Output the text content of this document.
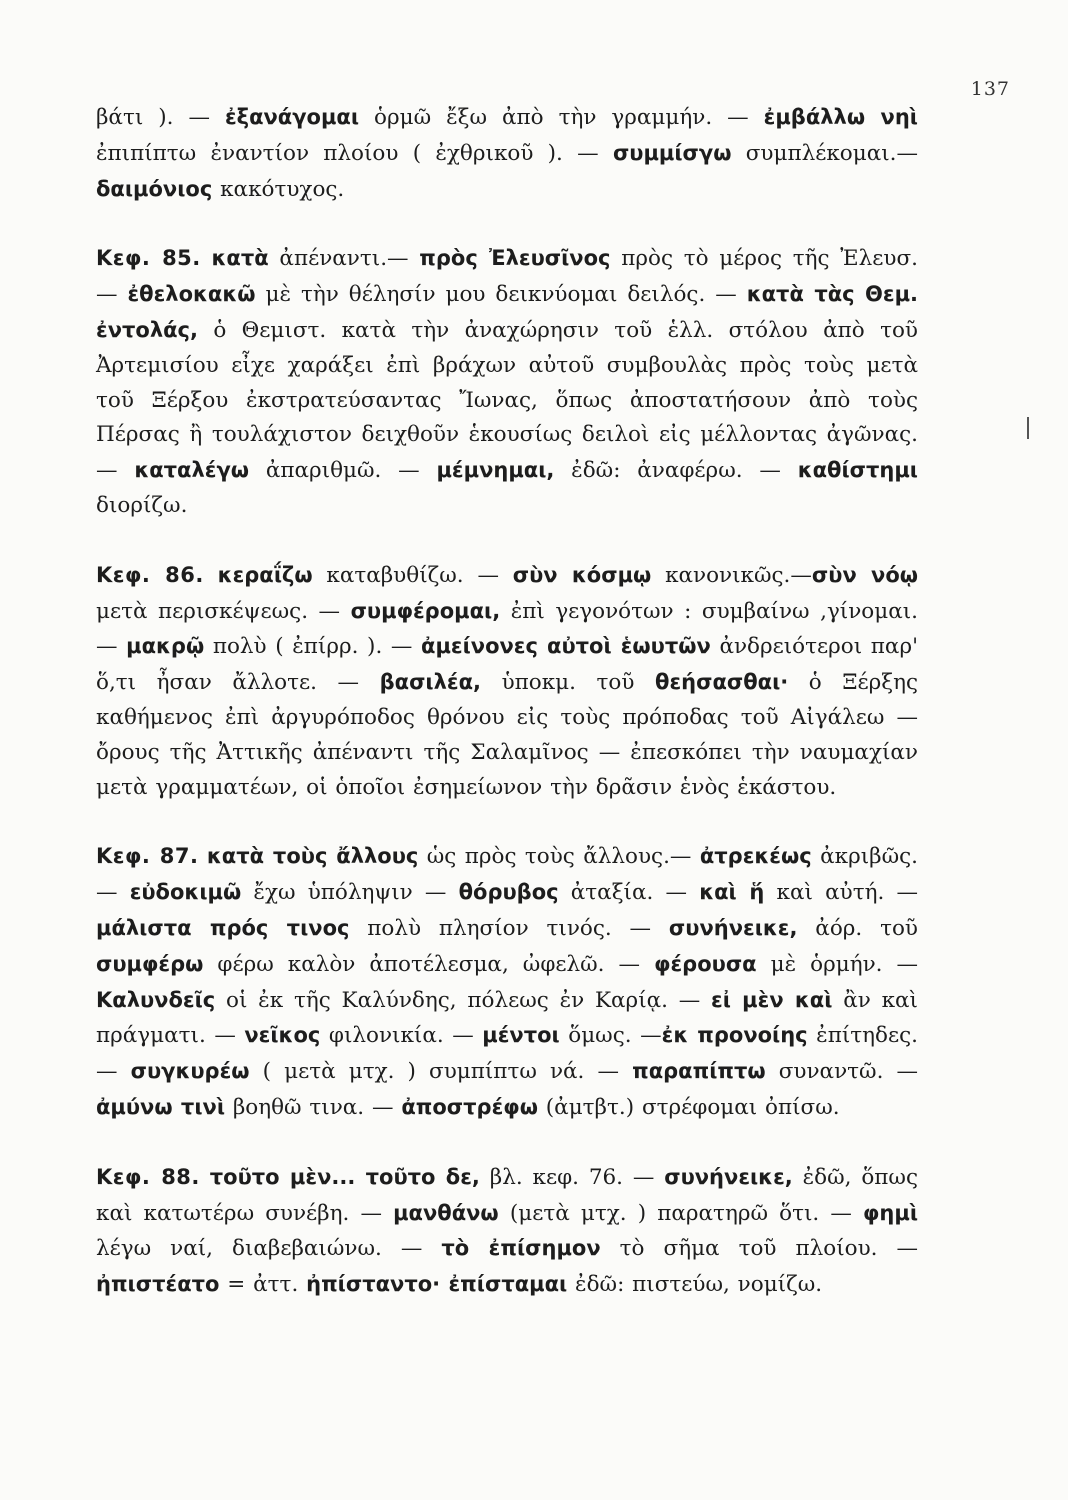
137

βάτι ). — ἐξανάγομαι ὁρμῶ ἔξω ἀπὸ τὴν γραμμήν. — ἐμβάλλω νηὶ ἐπιπίπτω ἐναντίον πλοίου ( ἐχθρικοῦ ). — συμμίσγω συμπλέκομαι.— δαιμόνιος κακότυχος.

Κεφ. 85. κατὰ ἀπέναντι.— πρὸς Ἐλευσῖνος πρὸς τὸ μέρος τῆς Ἐλευσ. — ἐθελοκακῶ μὲ τὴν θέλησίν μου δεικνύομαι δειλός. — κατὰ τὰς Θεμ. ἐντολάς, ὁ Θεμιστ. κατὰ τὴν ἀναχώρησιν τοῦ ἑλλ. στόλου ἀπὸ τοῦ Ἀρτεμισίου εἶχε χαράξει ἐπὶ βράχων αὐτοῦ συμβουλὰς πρὸς τοὺς μετὰ τοῦ Ξέρξου ἐκστρατεύσαντας Ἴωνας, ὅπως ἀποστατήσουν ἀπὸ τοὺς Πέρσας ἢ τουλάχιστον δειχθοῦν ἑκουσίως δειλοὶ εἰς μέλλοντας ἀγῶνας. — καταλέγω ἀπαριθμῶ. — μέμνημαι, ἐδῶ: ἀναφέρω. — καθίστημι διορίζω.

Κεφ. 86. κεραΐζω καταβυθίζω. — σὺν κόσμῳ κανονικῶς.—σὺν νόῳ μετὰ περισκέψεως. — συμφέρομαι, ἐπὶ γεγονότων : συμβαίνω ,γίνομαι. — μακρῷ πολὺ ( ἐπίρρ. ). — ἀμείνονες αὐτοὶ ἑωυτῶν ἀνδρειότεροι παρ' ὅ,τι ἦσαν ἄλλοτε. — βασιλέα, ὑποκμ. τοῦ θεήσασθαι· ὁ Ξέρξης καθήμενος ἐπὶ ἀργυρόποδος θρόνου εἰς τοὺς πρόποδας τοῦ Αἰγάλεω — ὄρους τῆς Ἀττικῆς ἀπέναντι τῆς Σαλαμῖνος — ἐπεσκόπει τὴν ναυμαχίαν μετὰ γραμματέων, οἱ ὁποῖοι ἐσημείωνον τὴν δρᾶσιν ἑνὸς ἑκάστου.

Κεφ. 87. κατὰ τοὺς ἄλλους ὡς πρὸς τοὺς ἄλλους.— ἀτρεκέως ἀκριβῶς. — εὐδοκιμῶ ἔχω ὑπόληψιν — θόρυβος ἀταξία. — καὶ ἥ καὶ αὐτή. — μάλιστα πρός τινος πολὺ πλησίον τινός. — συνήνεικε, ἀόρ. τοῦ συμφέρω φέρω καλὸν ἀποτέλεσμα, ὠφελῶ. — φέρουσα μὲ ὁρμήν. — Καλυνδεῖς οἱ ἐκ τῆς Καλύνδης, πόλεως ἐν Καρίᾳ. — εἰ μὲν καὶ ἂν καὶ πράγματι. — νεῖκος φιλονικία. — μέντοι ὅμως. —ἐκ προνοίης ἐπίτηδες. — συγκυρέω ( μετὰ μτχ. ) συμπίπτω νά. — παραπίπτω συναντῶ. — ἀμύνω τινὶ βοηθῶ τινα. — ἀποστρέφω (ἀμτβτ.) στρέφομαι ὀπίσω.

Κεφ. 88. τοῦτο μὲν... τοῦτο δε, βλ. κεφ. 76. — συνήνεικε, ἐδῶ, ὅπως καὶ κατωτέρω συνέβη. — μανθάνω (μετὰ μτχ. ) παρατηρῶ ὅτι. — φημὶ λέγω ναί, διαβεβαιώνω. — τὸ ἐπίσημον τὸ σῆμα τοῦ πλοίου. — ἠπιστέατο = ἀττ. ἠπίσταντο· ἐπίσταμαι ἐδῶ: πιστεύω, νομίζω.
